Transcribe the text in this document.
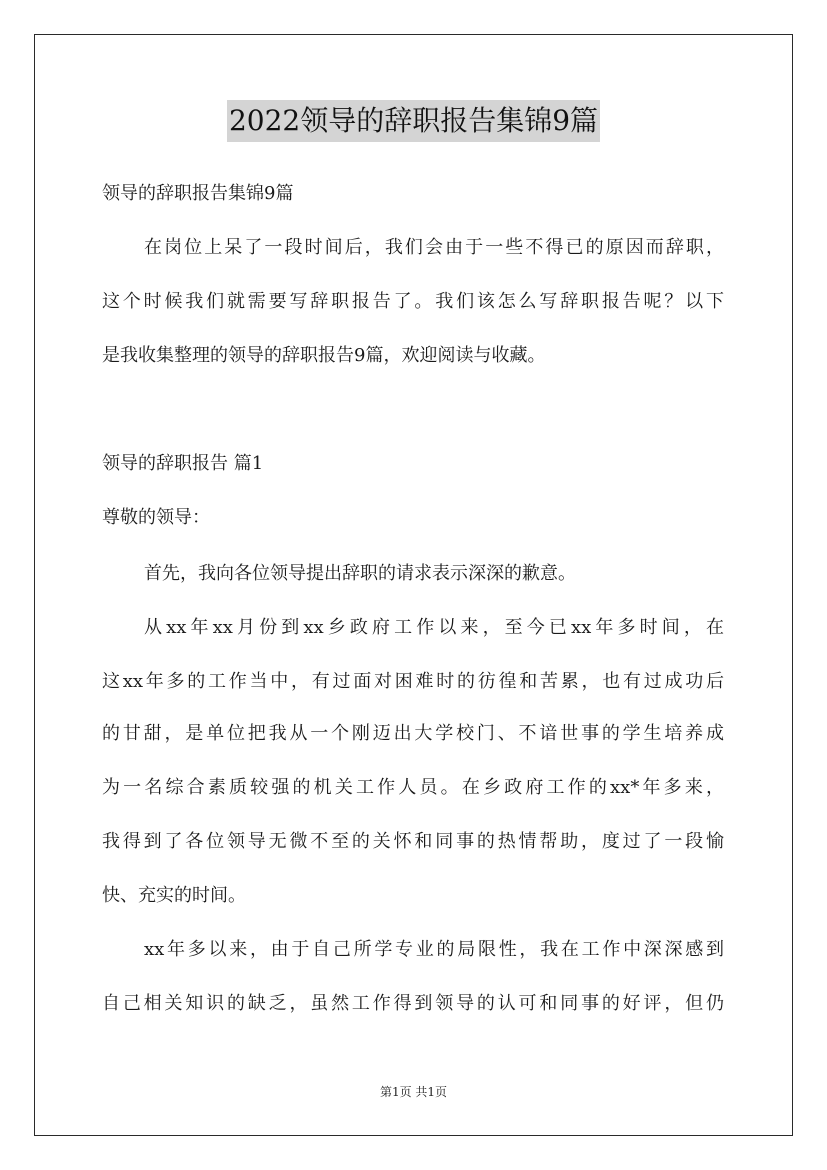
2022领导的辞职报告集锦9篇
领导的辞职报告集锦9篇
在岗位上呆了一段时间后，我们会由于一些不得已的原因而辞职，
这个时候我们就需要写辞职报告了。我们该怎么写辞职报告呢？以下
是我收集整理的领导的辞职报告9篇，欢迎阅读与收藏。
领导的辞职报告 篇1
尊敬的领导：
首先，我向各位领导提出辞职的请求表示深深的歉意。
从xx年xx月份到xx乡政府工作以来，至今已xx年多时间，在
这xx年多的工作当中，有过面对困难时的彷徨和苦累，也有过成功后
的甘甜，是单位把我从一个刚迈出大学校门、不谙世事的学生培养成
为一名综合素质较强的机关工作人员。在乡政府工作的xx*年多来，
我得到了各位领导无微不至的关怀和同事的热情帮助，度过了一段愉
快、充实的时间。
xx年多以来，由于自己所学专业的局限性，我在工作中深深感到
自己相关知识的缺乏，虽然工作得到领导的认可和同事的好评，但仍
第1页 共1页
